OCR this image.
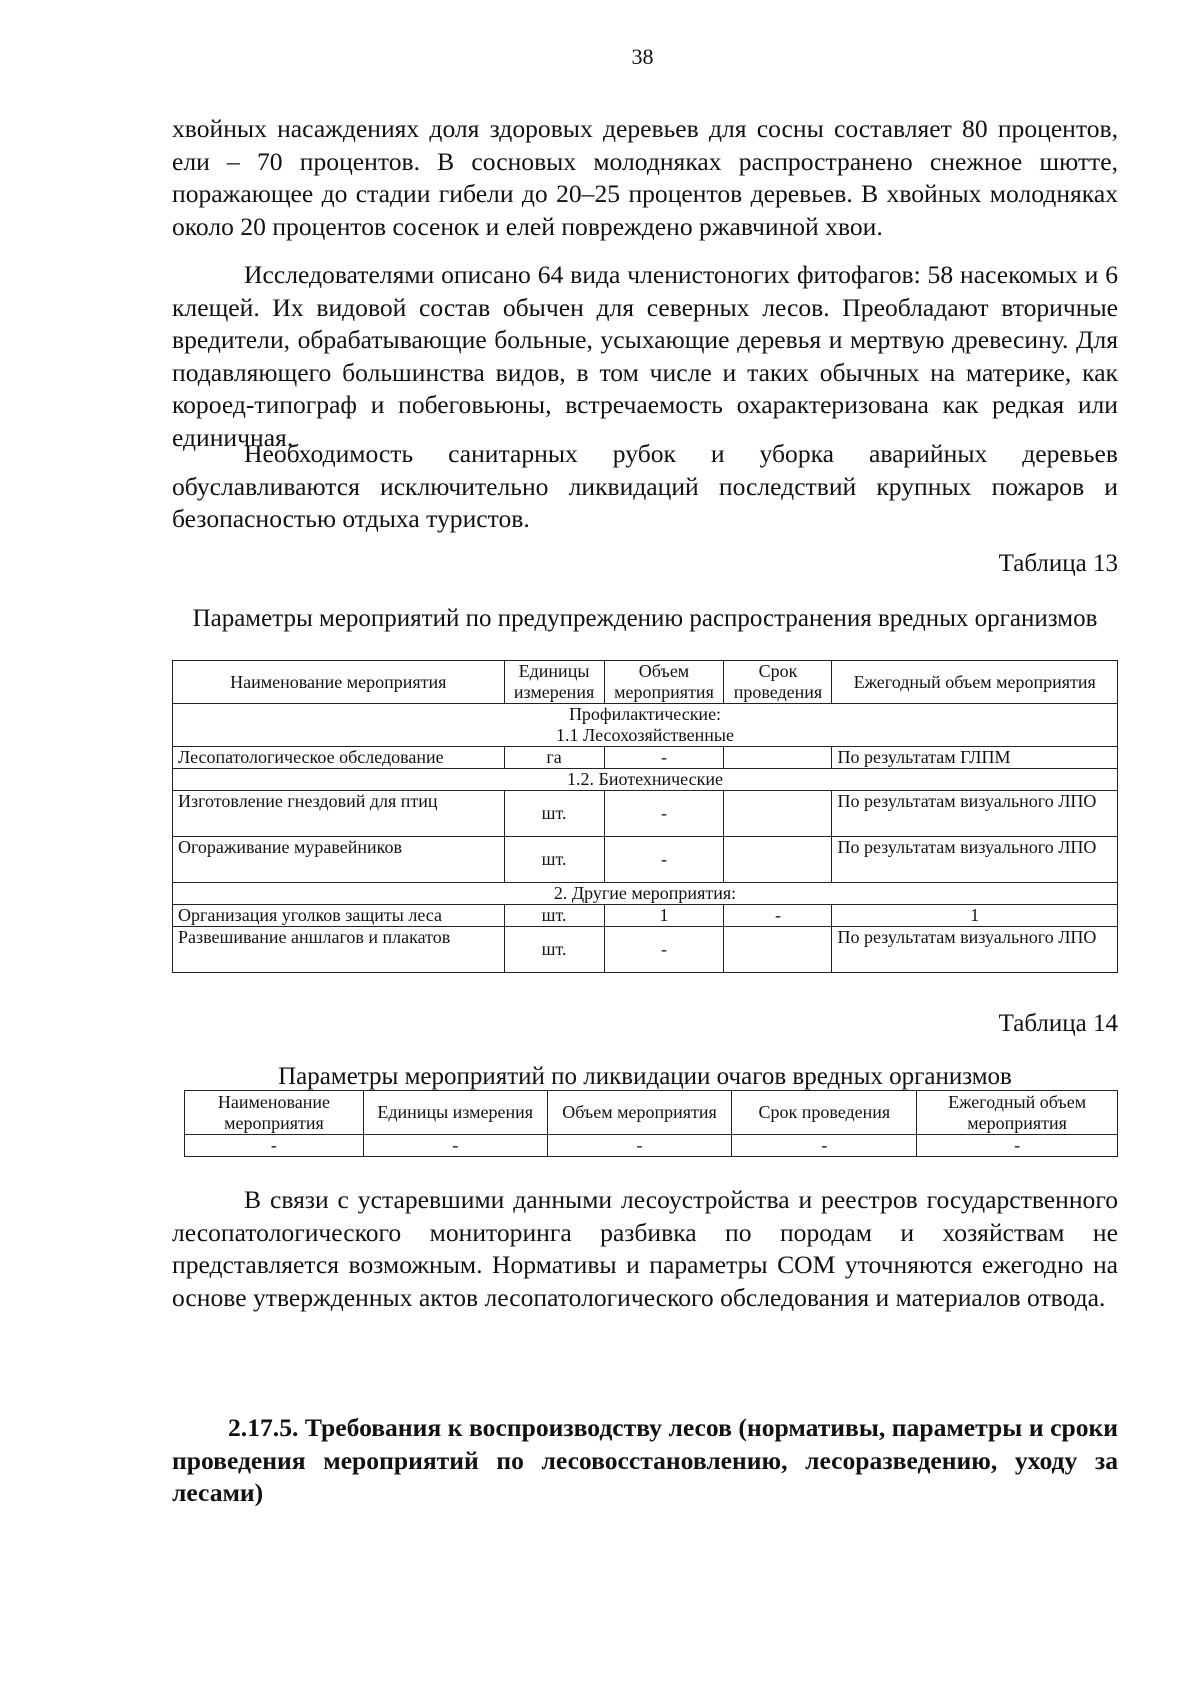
38

хвойных насаждениях доля здоровых деревьев для сосны составляет 80 процентов, ели – 70 процентов. В сосновых молодняках распространено снежное шютте, поражающее до стадии гибели до 20–25 процентов деревьев. В хвойных молодняках около 20 процентов сосенок и елей повреждено ржавчиной хвои.

Исследователями описано 64 вида членистоногих фитофагов: 58 насекомых и 6 клещей. Их видовой состав обычен для северных лесов. Преобладают вторичные вредители, обрабатывающие больные, усыхающие деревья и мертвую древесину. Для подавляющего большинства видов, в том числе и таких обычных на материке, как короед-типограф и побеговьюны, встречаемость охарактеризована как редкая или единичная.

Необходимость санитарных рубок и уборка аварийных деревьев обуславливаются исключительно ликвидаций последствий крупных пожаров и безопасностью отдыха туристов.

Таблица 13
Параметры мероприятий по предупреждению распространения вредных организмов
Наименование мероприятия	Единицы измерения	Объем мероприятия	Срок проведения	Ежегодный объем мероприятия

Профилактические:
1.1 Лесохозяйственные				

Лесопатологическое обследование	га	-		По результатам ГЛПМ
1.2. Биотехнические				
Изготовление гнездовий для птиц	шт.	-		По результатам визуального ЛПО
Огораживание муравейников	шт.	-		По результатам визуального ЛПО
2. Другие мероприятия:				
Организация уголков защиты леса	шт.	1	-	1
Развешивание аншлагов и плакатов	шт.	-		По результатам визуального ЛПО
Таблица 14
Параметры мероприятий по ликвидации очагов вредных организмов
Наименование мероприятия	Единицы измерения	Объем мероприятия	Срок проведения	Ежегодный объем мероприятия
-	-	-	-	-

В связи с устаревшими данными лесоустройства и реестров государственного лесопатологического мониторинга разбивка по породам и хозяйствам не представляется возможным. Нормативы и параметры СОМ уточняются ежегодно на основе утвержденных актов лесопатологического обследования и материалов отвода.

2.17.5. Требования к воспроизводству лесов (нормативы, параметры и сроки проведения мероприятий по лесовосстановлению, лесоразведению, уходу за лесами)
